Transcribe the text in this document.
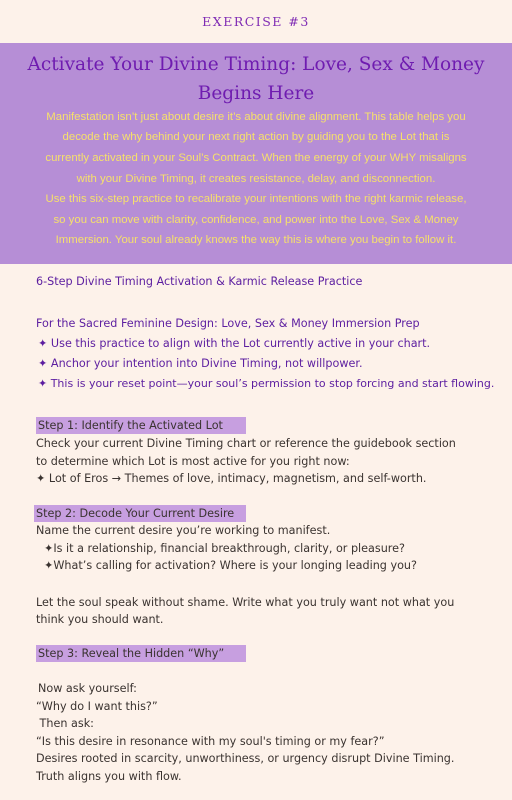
EXERCISE #3
Activate Your Divine Timing: Love, Sex & Money
Begins Here
Manifestation isn’t just about desire it’s about divine alignment. This table helps you
decode the why behind your next right action by guiding you to the Lot that is
currently activated in your Soul’s Contract. When the energy of your WHY misaligns
with your Divine Timing, it creates resistance, delay, and disconnection.
Use this six-step practice to recalibrate your intentions with the right karmic release,
so you can move with clarity, confidence, and power into the Love, Sex & Money
Immersion. Your soul already knows the way this is where you begin to follow it.
6-Step Divine Timing Activation & Karmic Release Practice
For the Sacred Feminine Design: Love, Sex & Money Immersion Prep
✦ Use this practice to align with the Lot currently active in your chart.
✦ Anchor your intention into Divine Timing, not willpower.
✦ This is your reset point—your soul’s permission to stop forcing and start flowing.
Step 1: Identify the Activated Lot
Check your current Divine Timing chart or reference the guidebook section
to determine which Lot is most active for you right now:
✦ Lot of Eros → Themes of love, intimacy, magnetism, and self-worth.
Step 2: Decode Your Current Desire
Name the current desire you’re working to manifest.
✦Is it a relationship, financial breakthrough, clarity, or pleasure?
✦What’s calling for activation? Where is your longing leading you?
Let the soul speak without shame. Write what you truly want not what you
think you should want.
Step 3: Reveal the Hidden “Why”
Now ask yourself:
“Why do I want this?”
Then ask:
“Is this desire in resonance with my soul's timing or my fear?”
Desires rooted in scarcity, unworthiness, or urgency disrupt Divine Timing.
Truth aligns you with flow.
